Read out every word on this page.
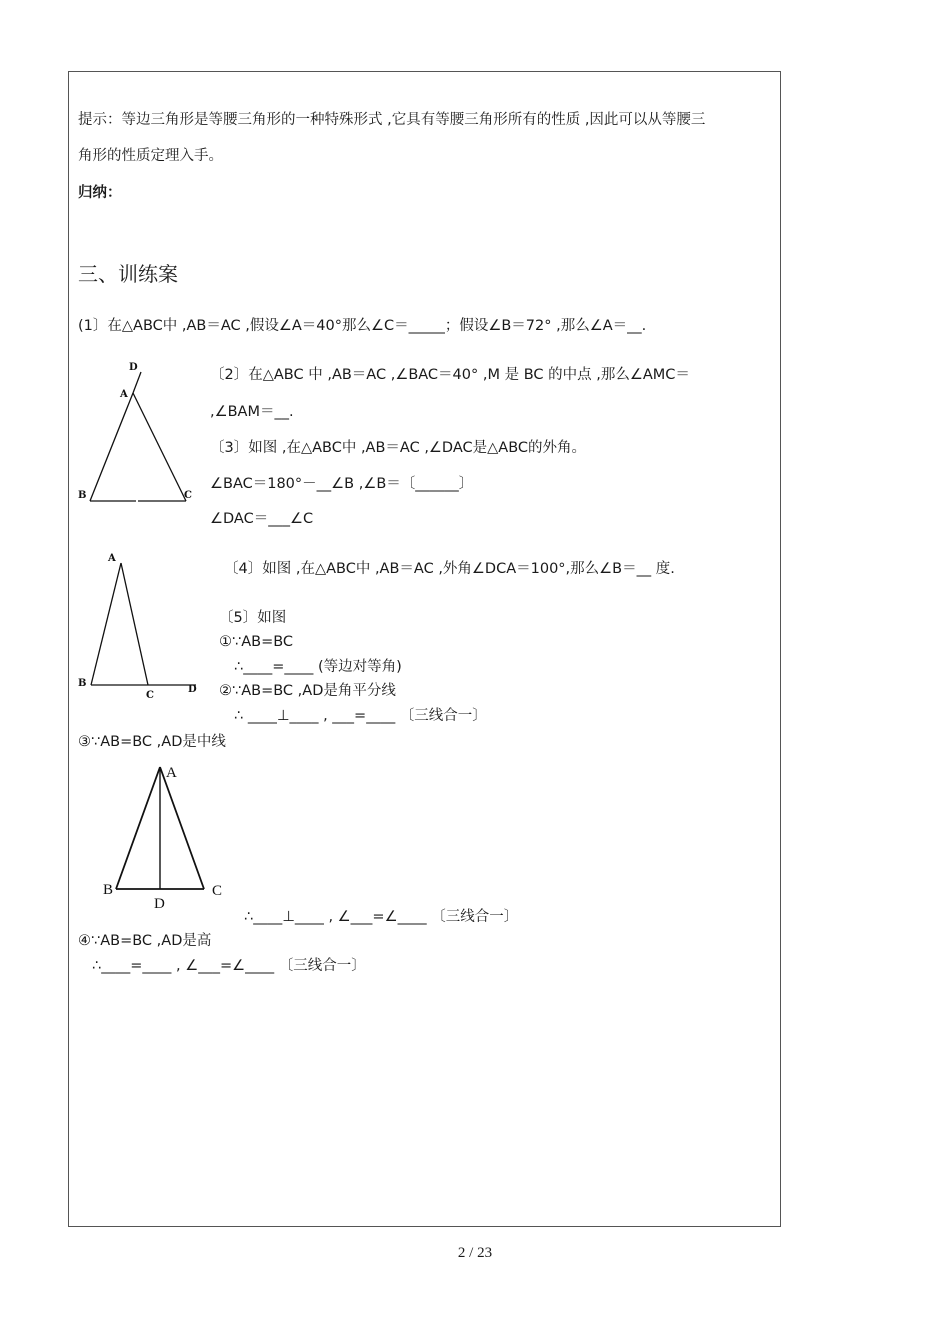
提示：等边三角形是等腰三角形的一种特殊形式 ,它具有等腰三角形所有的性质 ,因此可以从等腰三
角形的性质定理入手。
归纳：
三、训练案
(1〕在△ABC中 ,AB＝AC ,假设∠A＝40°那么∠C＝_____；假设∠B＝72° ,那么∠A＝__.
D
A
B	C
〔2〕在△ABC 中 ,AB＝AC ,∠BAC＝40° ,M 是 BC 的中点 ,那么∠AMC＝
,∠BAM＝__.
〔3〕如图 ,在△ABC中 ,AB＝AC ,∠DAC是△ABC的外角。
∠BAC＝180°－__∠B ,∠B＝〔______〕
∠DAC＝___∠C
A
B
C
D
〔4〕如图 ,在△ABC中 ,AB＝AC ,外角∠DCA＝100°,那么∠B＝__ 度.
〔5〕如图
①∵AB=BC
∴____=____ (等边对等角)
②∵AB=BC ,AD是角平分线
∴ ____⊥____ , ___=____ 〔三线合一〕
③∵AB=BC ,AD是中线
A
B	C
D
∴____⊥____ , ∠___=∠____ 〔三线合一〕
④∵AB=BC ,AD是高
∴____=____ , ∠___=∠____ 〔三线合一〕
2 / 23
